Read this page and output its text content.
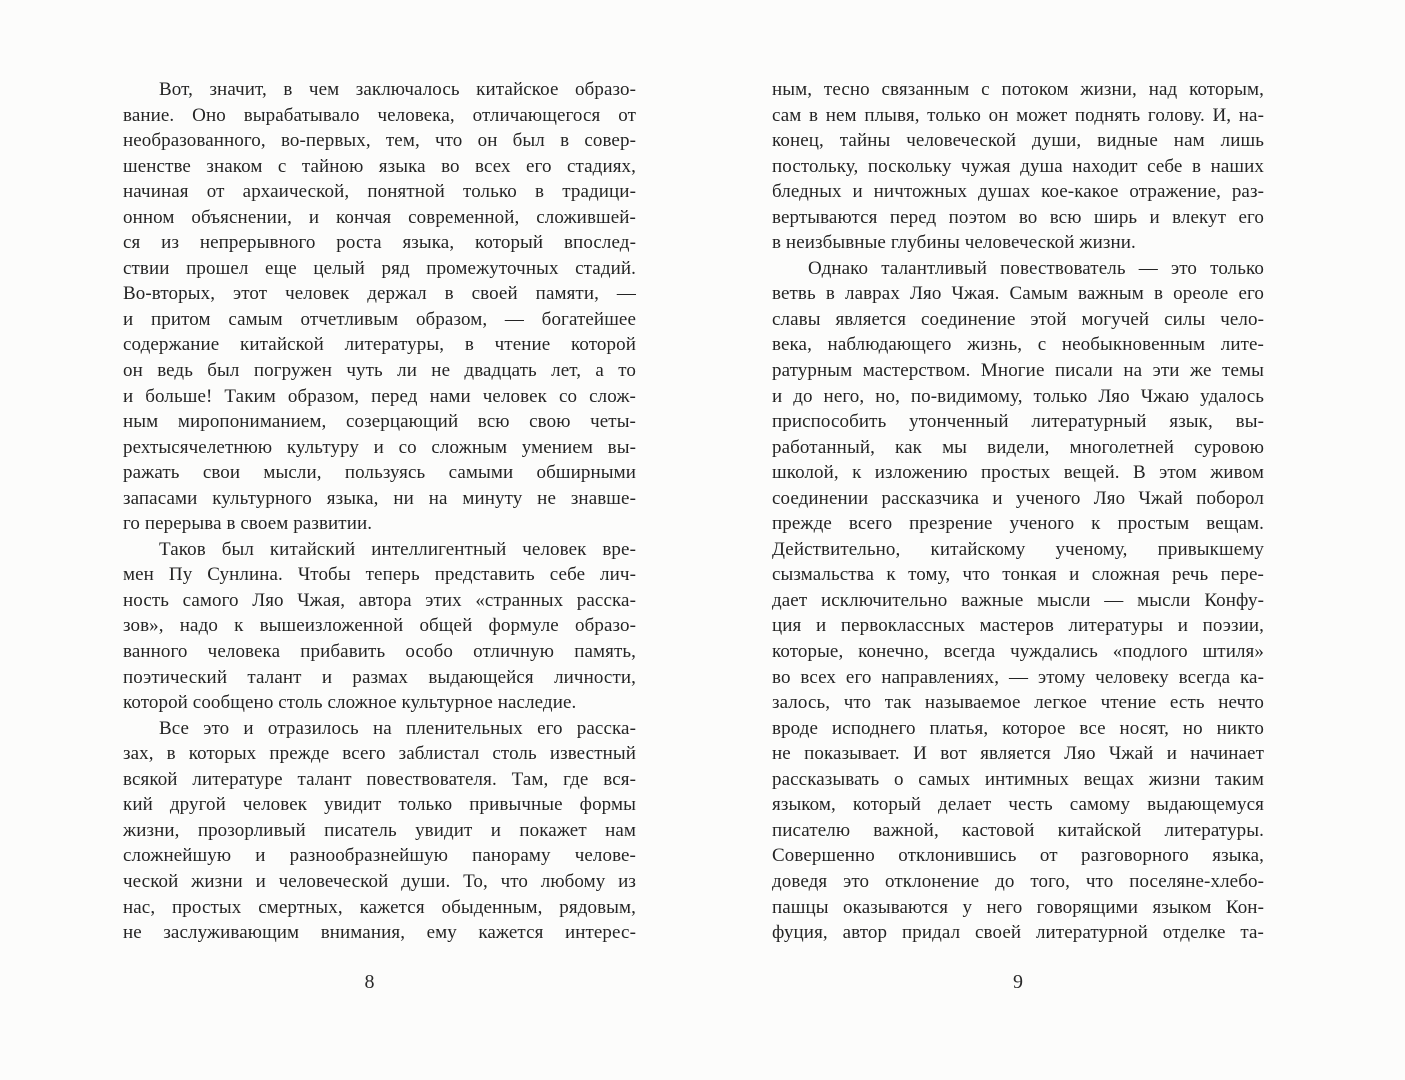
Вот, значит, в чем заключалось китайское образо-
вание. Оно вырабатывало человека, отличающегося от
необразованного, во-первых, тем, что он был в совер-
шенстве знаком с тайною языка во всех его стадиях,
начиная от архаической, понятной только в традици-
онном объяснении, и кончая современной, сложившей-
ся из непрерывного роста языка, который впослед-
ствии прошел еще целый ряд промежуточных стадий.
Во-вторых, этот человек держал в своей памяти, —
и притом самым отчетливым образом, — богатейшее
содержание китайской литературы, в чтение которой
он ведь был погружен чуть ли не двадцать лет, а то
и больше! Таким образом, перед нами человек со слож-
ным миропониманием, созерцающий всю свою четы-
рехтысячелетнюю культуру и со сложным умением вы-
ражать свои мысли, пользуясь самыми обширными
запасами культурного языка, ни на минуту не знавше-
го перерыва в своем развитии.
Таков был китайский интеллигентный человек вре-
мен Пу Сунлина. Чтобы теперь представить себе лич-
ность самого Ляо Чжая, автора этих «странных расска-
зов», надо к вышеизложенной общей формуле образо-
ванного человека прибавить особо отличную память,
поэтический талант и размах выдающейся личности,
которой сообщено столь сложное культурное наследие.
Все это и отразилось на пленительных его расска-
зах, в которых прежде всего заблистал столь известный
всякой литературе талант повествователя. Там, где вся-
кий другой человек увидит только привычные формы
жизни, прозорливый писатель увидит и покажет нам
сложнейшую и разнообразнейшую панораму челове-
ческой жизни и человеческой души. То, что любому из
нас, простых смертных, кажется обыденным, рядовым,
не заслуживающим внимания, ему кажется интерес-
8
ным, тесно связанным с потоком жизни, над которым,
сам в нем плывя, только он может поднять голову. И, на-
конец, тайны человеческой души, видные нам лишь
постольку, поскольку чужая душа находит себе в наших
бледных и ничтожных душах кое-какое отражение, раз-
вертываются перед поэтом во всю ширь и влекут его
в неизбывные глубины человеческой жизни.
Однако талантливый повествователь — это только
ветвь в лаврах Ляо Чжая. Самым важным в ореоле его
славы является соединение этой могучей силы чело-
века, наблюдающего жизнь, с необыкновенным лите-
ратурным мастерством. Многие писали на эти же темы
и до него, но, по-видимому, только Ляо Чжаю удалось
приспособить утонченный литературный язык, вы-
работанный, как мы видели, многолетней суровою
школой, к изложению простых вещей. В этом живом
соединении рассказчика и ученого Ляо Чжай поборол
прежде всего презрение ученого к простым вещам.
Действительно, китайскому ученому, привыкшему
сызмальства к тому, что тонкая и сложная речь пере-
дает исключительно важные мысли — мысли Конфу-
ция и первоклассных мастеров литературы и поэзии,
которые, конечно, всегда чуждались «подлого штиля»
во всех его направлениях, — этому человеку всегда ка-
залось, что так называемое легкое чтение есть нечто
вроде исподнего платья, которое все носят, но никто
не показывает. И вот является Ляо Чжай и начинает
рассказывать о самых интимных вещах жизни таким
языком, который делает честь самому выдающемуся
писателю важной, кастовой китайской литературы.
Совершенно отклонившись от разговорного языка,
доведя это отклонение до того, что поселяне-хлебо-
пашцы оказываются у него говорящими языком Кон-
фуция, автор придал своей литературной отделке та-
9
